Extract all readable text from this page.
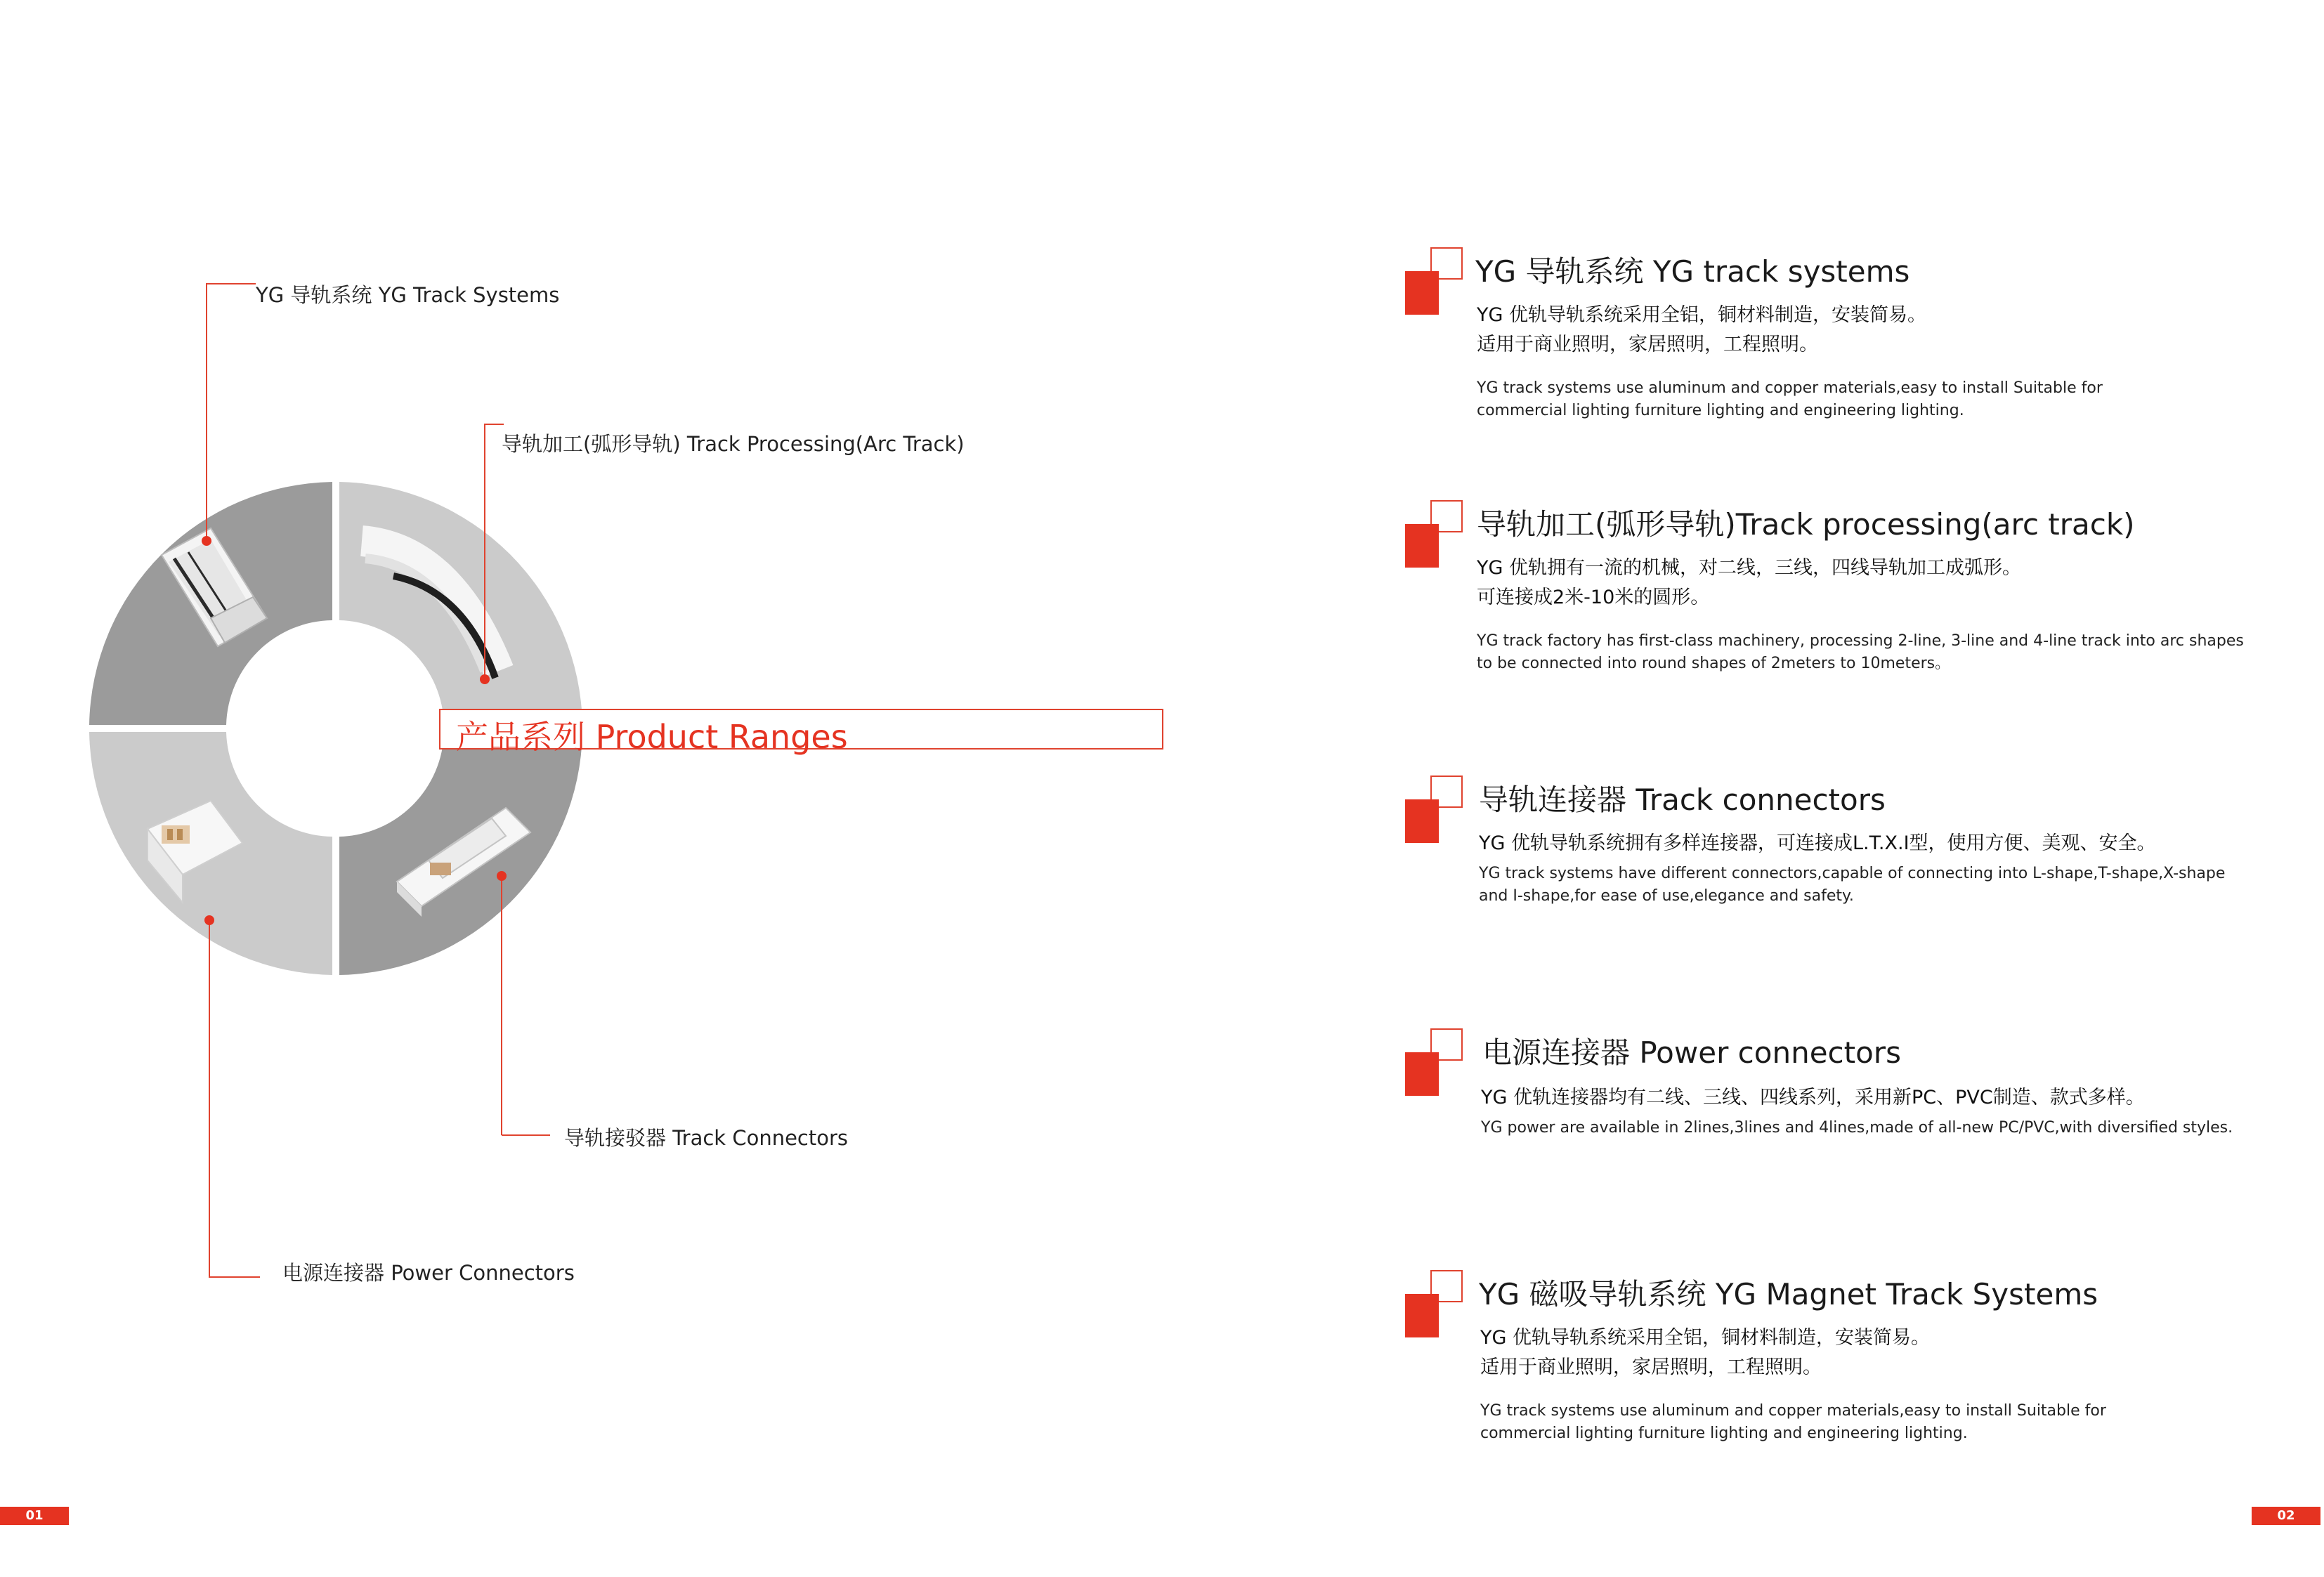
YG 导轨系统 YG Track Systems
导轨加工(弧形导轨) Track Processing(Arc Track)
导轨接驳器 Track Connectors
电源连接器 Power Connectors
产品系列 Product Ranges
YG 导轨系统 YG track systems
YG 优轨导轨系统采用全铝，铜材料制造，安装简易。
适用于商业照明，家居照明，工程照明。
YG track systems use aluminum and copper materials,easy to install Suitable for
commercial lighting furniture lighting and engineering lighting.
导轨加工(弧形导轨)Track processing(arc track)
YG 优轨拥有一流的机械，对二线，三线，四线导轨加工成弧形。
可连接成2米-10米的圆形。
YG track factory has first-class machinery, processing 2-line, 3-line and 4-line track into arc shapes
to be connected into round shapes of 2meters to 10meters。
导轨连接器 Track connectors
YG 优轨导轨系统拥有多样连接器，可连接成L.T.X.I型，使用方便、美观、安全。
YG track systems have different connectors,capable of connecting into L-shape,T-shape,X-shape
and I-shape,for ease of use,elegance and safety.
电源连接器 Power connectors
YG 优轨连接器均有二线、三线、四线系列，采用新PC、PVC制造、款式多样。
YG power are available in 2lines,3lines and 4lines,made of all-new PC/PVC,with diversified styles.
YG 磁吸导轨系统 YG Magnet Track Systems
YG 优轨导轨系统采用全铝，铜材料制造，安装简易。
适用于商业照明，家居照明，工程照明。
YG track systems use aluminum and copper materials,easy to install Suitable for
commercial lighting furniture lighting and engineering lighting.
01	02
